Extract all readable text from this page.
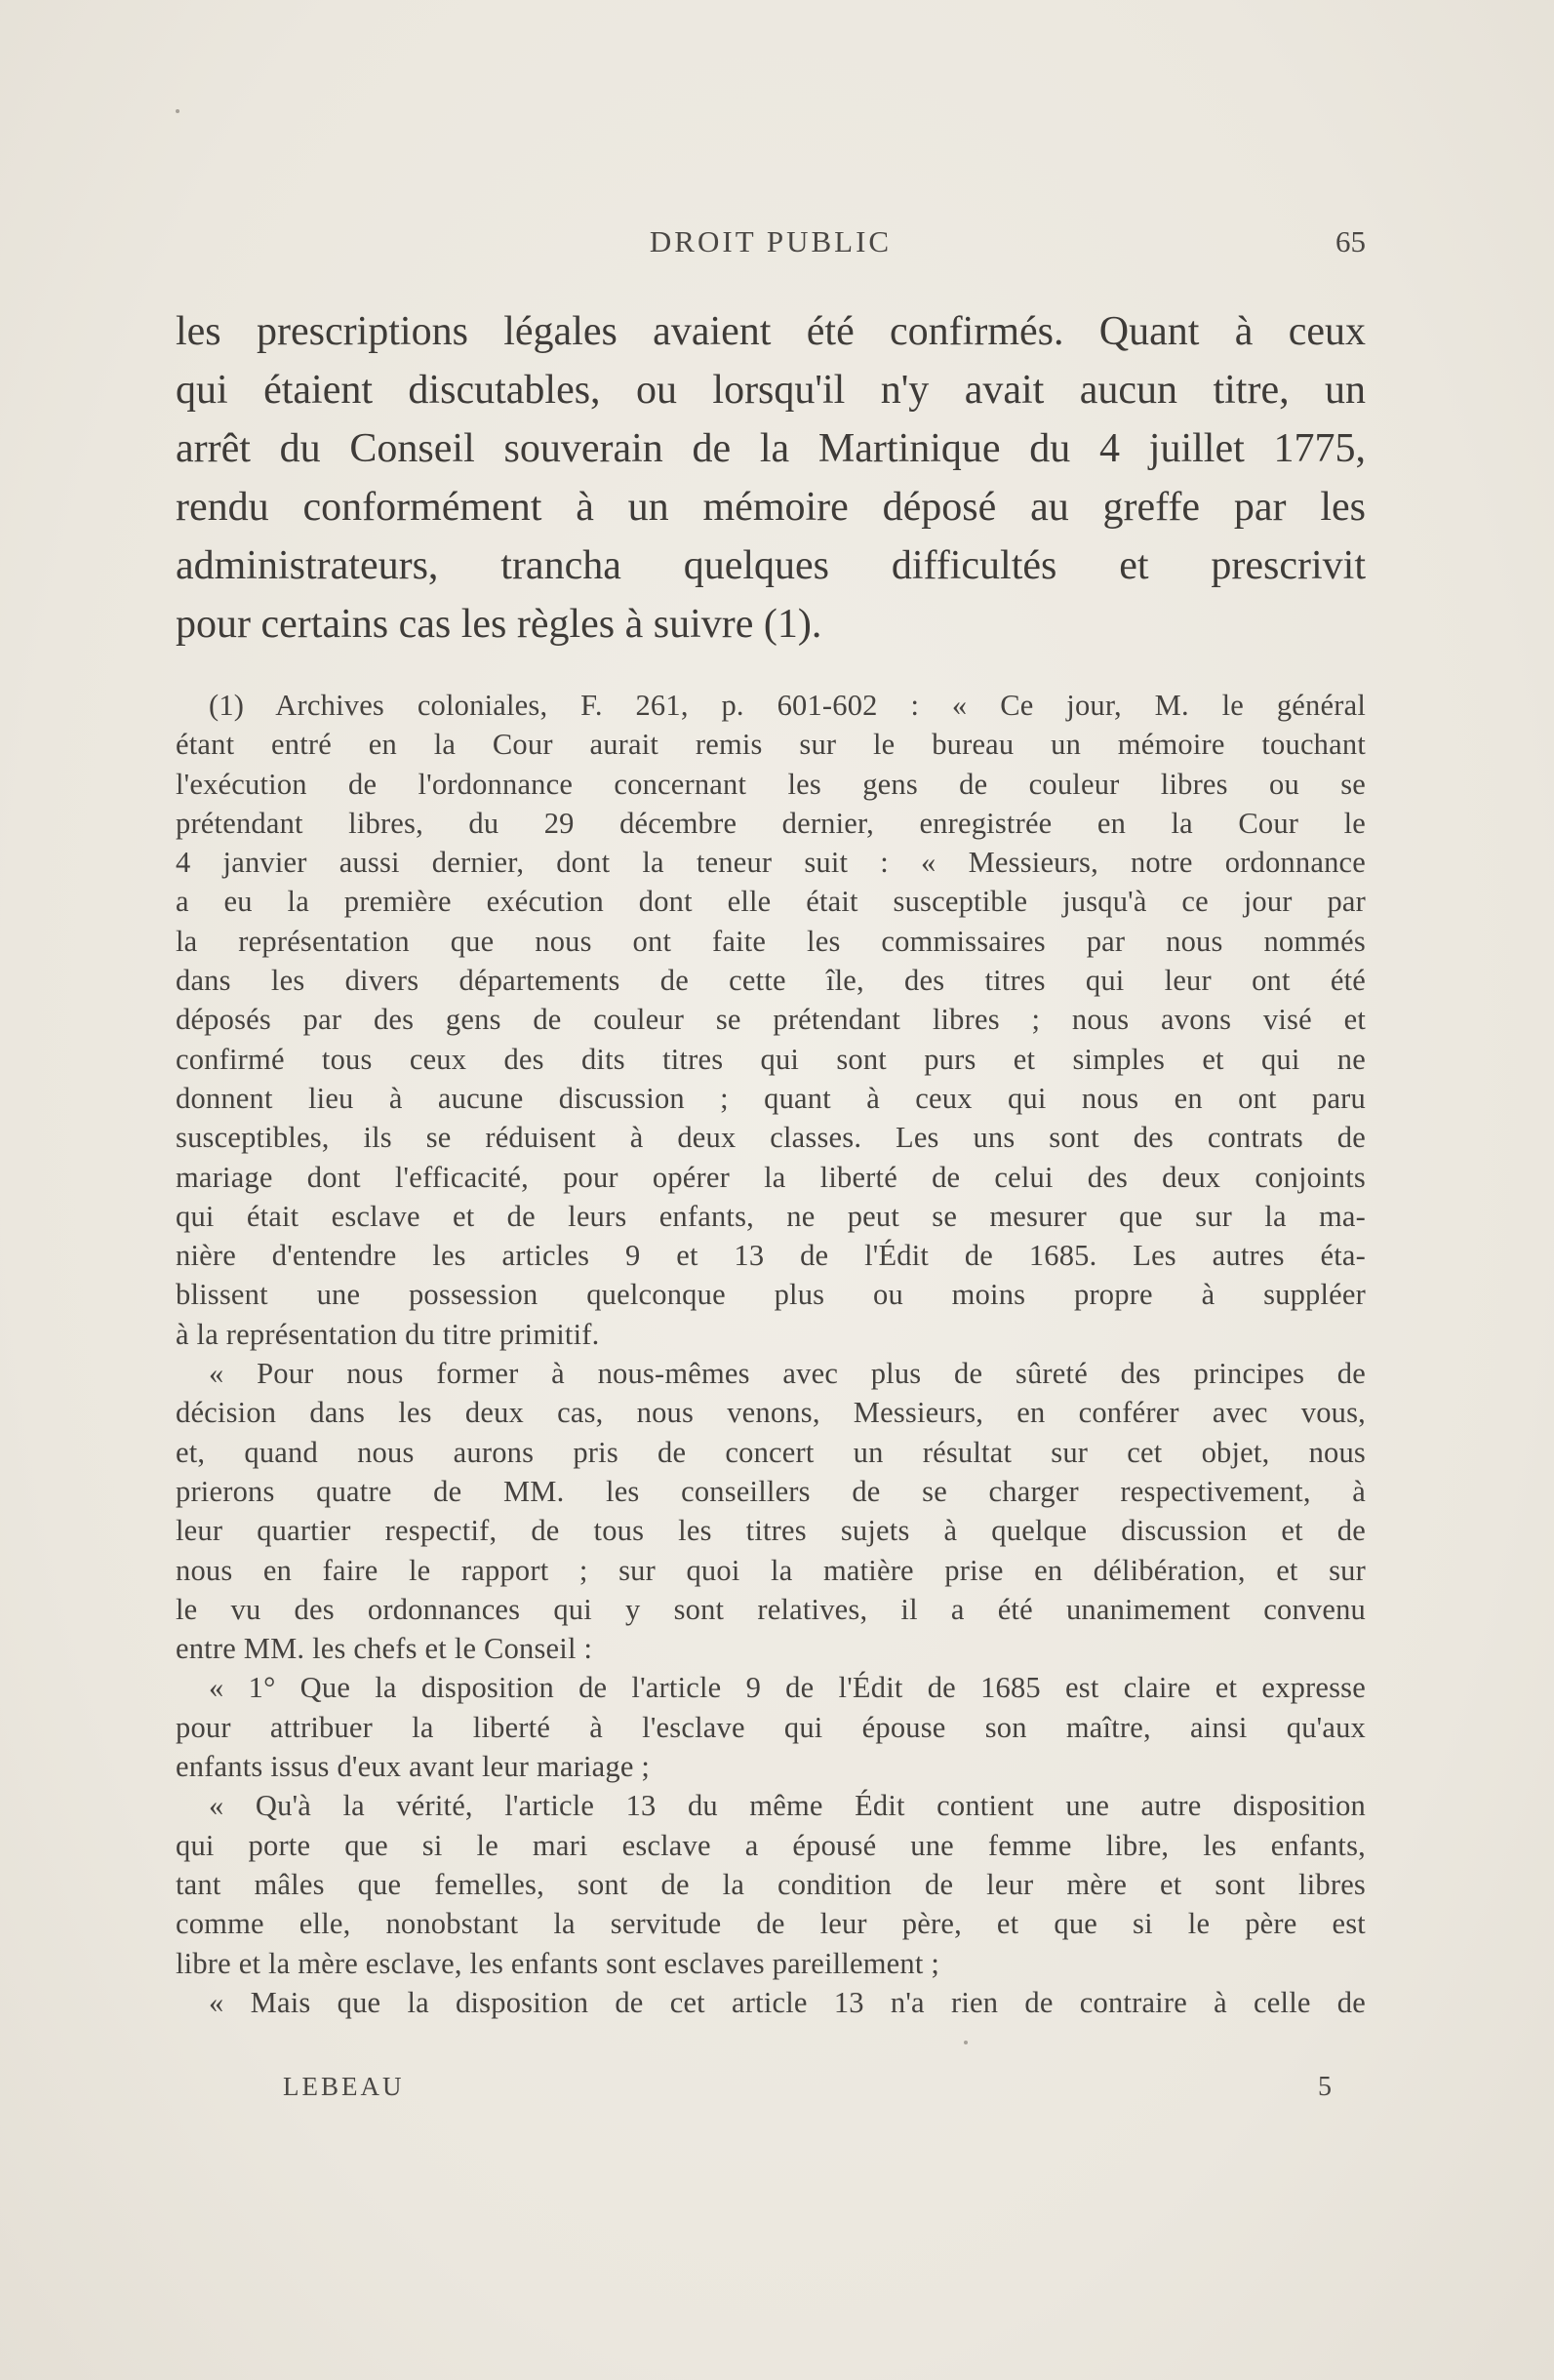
DROIT PUBLIC	65
les prescriptions légales avaient été confirmés. Quant à ceux
qui étaient discutables, ou lorsqu'il n'y avait aucun titre, un
arrêt du Conseil souverain de la Martinique du 4 juillet 1775,
rendu conformément à un mémoire déposé au greffe par les
administrateurs, trancha quelques difficultés et prescrivit
pour certains cas les règles à suivre (1).
(1) Archives coloniales, F. 261, p. 601-602 : « Ce jour, M. le général
étant entré en la Cour aurait remis sur le bureau un mémoire touchant
l'exécution de l'ordonnance concernant les gens de couleur libres ou se
prétendant libres, du 29 décembre dernier, enregistrée en la Cour le
4 janvier aussi dernier, dont la teneur suit : « Messieurs, notre ordonnance
a eu la première exécution dont elle était susceptible jusqu'à ce jour par
la représentation que nous ont faite les commissaires par nous nommés
dans les divers départements de cette île, des titres qui leur ont été
déposés par des gens de couleur se prétendant libres ; nous avons visé et
confirmé tous ceux des dits titres qui sont purs et simples et qui ne
donnent lieu à aucune discussion ; quant à ceux qui nous en ont paru
susceptibles, ils se réduisent à deux classes. Les uns sont des contrats de
mariage dont l'efficacité, pour opérer la liberté de celui des deux conjoints
qui était esclave et de leurs enfants, ne peut se mesurer que sur la ma-
nière d'entendre les articles 9 et 13 de l'Édit de 1685. Les autres éta-
blissent une possession quelconque plus ou moins propre à suppléer
à la représentation du titre primitif.
« Pour nous former à nous-mêmes avec plus de sûreté des principes de
décision dans les deux cas, nous venons, Messieurs, en conférer avec vous,
et, quand nous aurons pris de concert un résultat sur cet objet, nous
prierons quatre de MM. les conseillers de se charger respectivement, à
leur quartier respectif, de tous les titres sujets à quelque discussion et de
nous en faire le rapport ; sur quoi la matière prise en délibération, et sur
le vu des ordonnances qui y sont relatives, il a été unanimement convenu
entre MM. les chefs et le Conseil :
« 1° Que la disposition de l'article 9 de l'Édit de 1685 est claire et expresse
pour attribuer la liberté à l'esclave qui épouse son maître, ainsi qu'aux
enfants issus d'eux avant leur mariage ;
« Qu'à la vérité, l'article 13 du même Édit contient une autre disposition
qui porte que si le mari esclave a épousé une femme libre, les enfants,
tant mâles que femelles, sont de la condition de leur mère et sont libres
comme elle, nonobstant la servitude de leur père, et que si le père est
libre et la mère esclave, les enfants sont esclaves pareillement ;
« Mais que la disposition de cet article 13 n'a rien de contraire à celle de
LEBEAU	5
